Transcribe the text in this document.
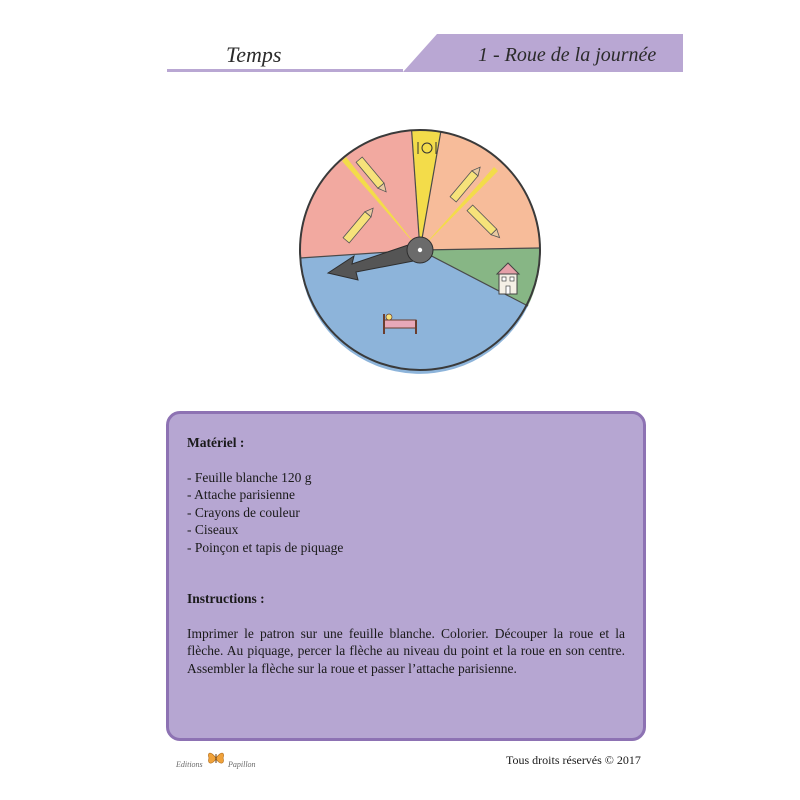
Temps	1 - Roue de la journée
Matériel :
- Feuille blanche 120 g
- Attache parisienne
- Crayons de couleur
- Ciseaux
- Poinçon et tapis de piquage
Instructions :

Imprimer le patron sur une feuille blanche. Colorier. Découper la roue et la flèche. Au piquage, percer la flèche au niveau du point et la roue en son centre. Assembler la flèche sur la roue et passer l’attache parisienne.

Editions	Papillon	Tous droits réservés © 2017
